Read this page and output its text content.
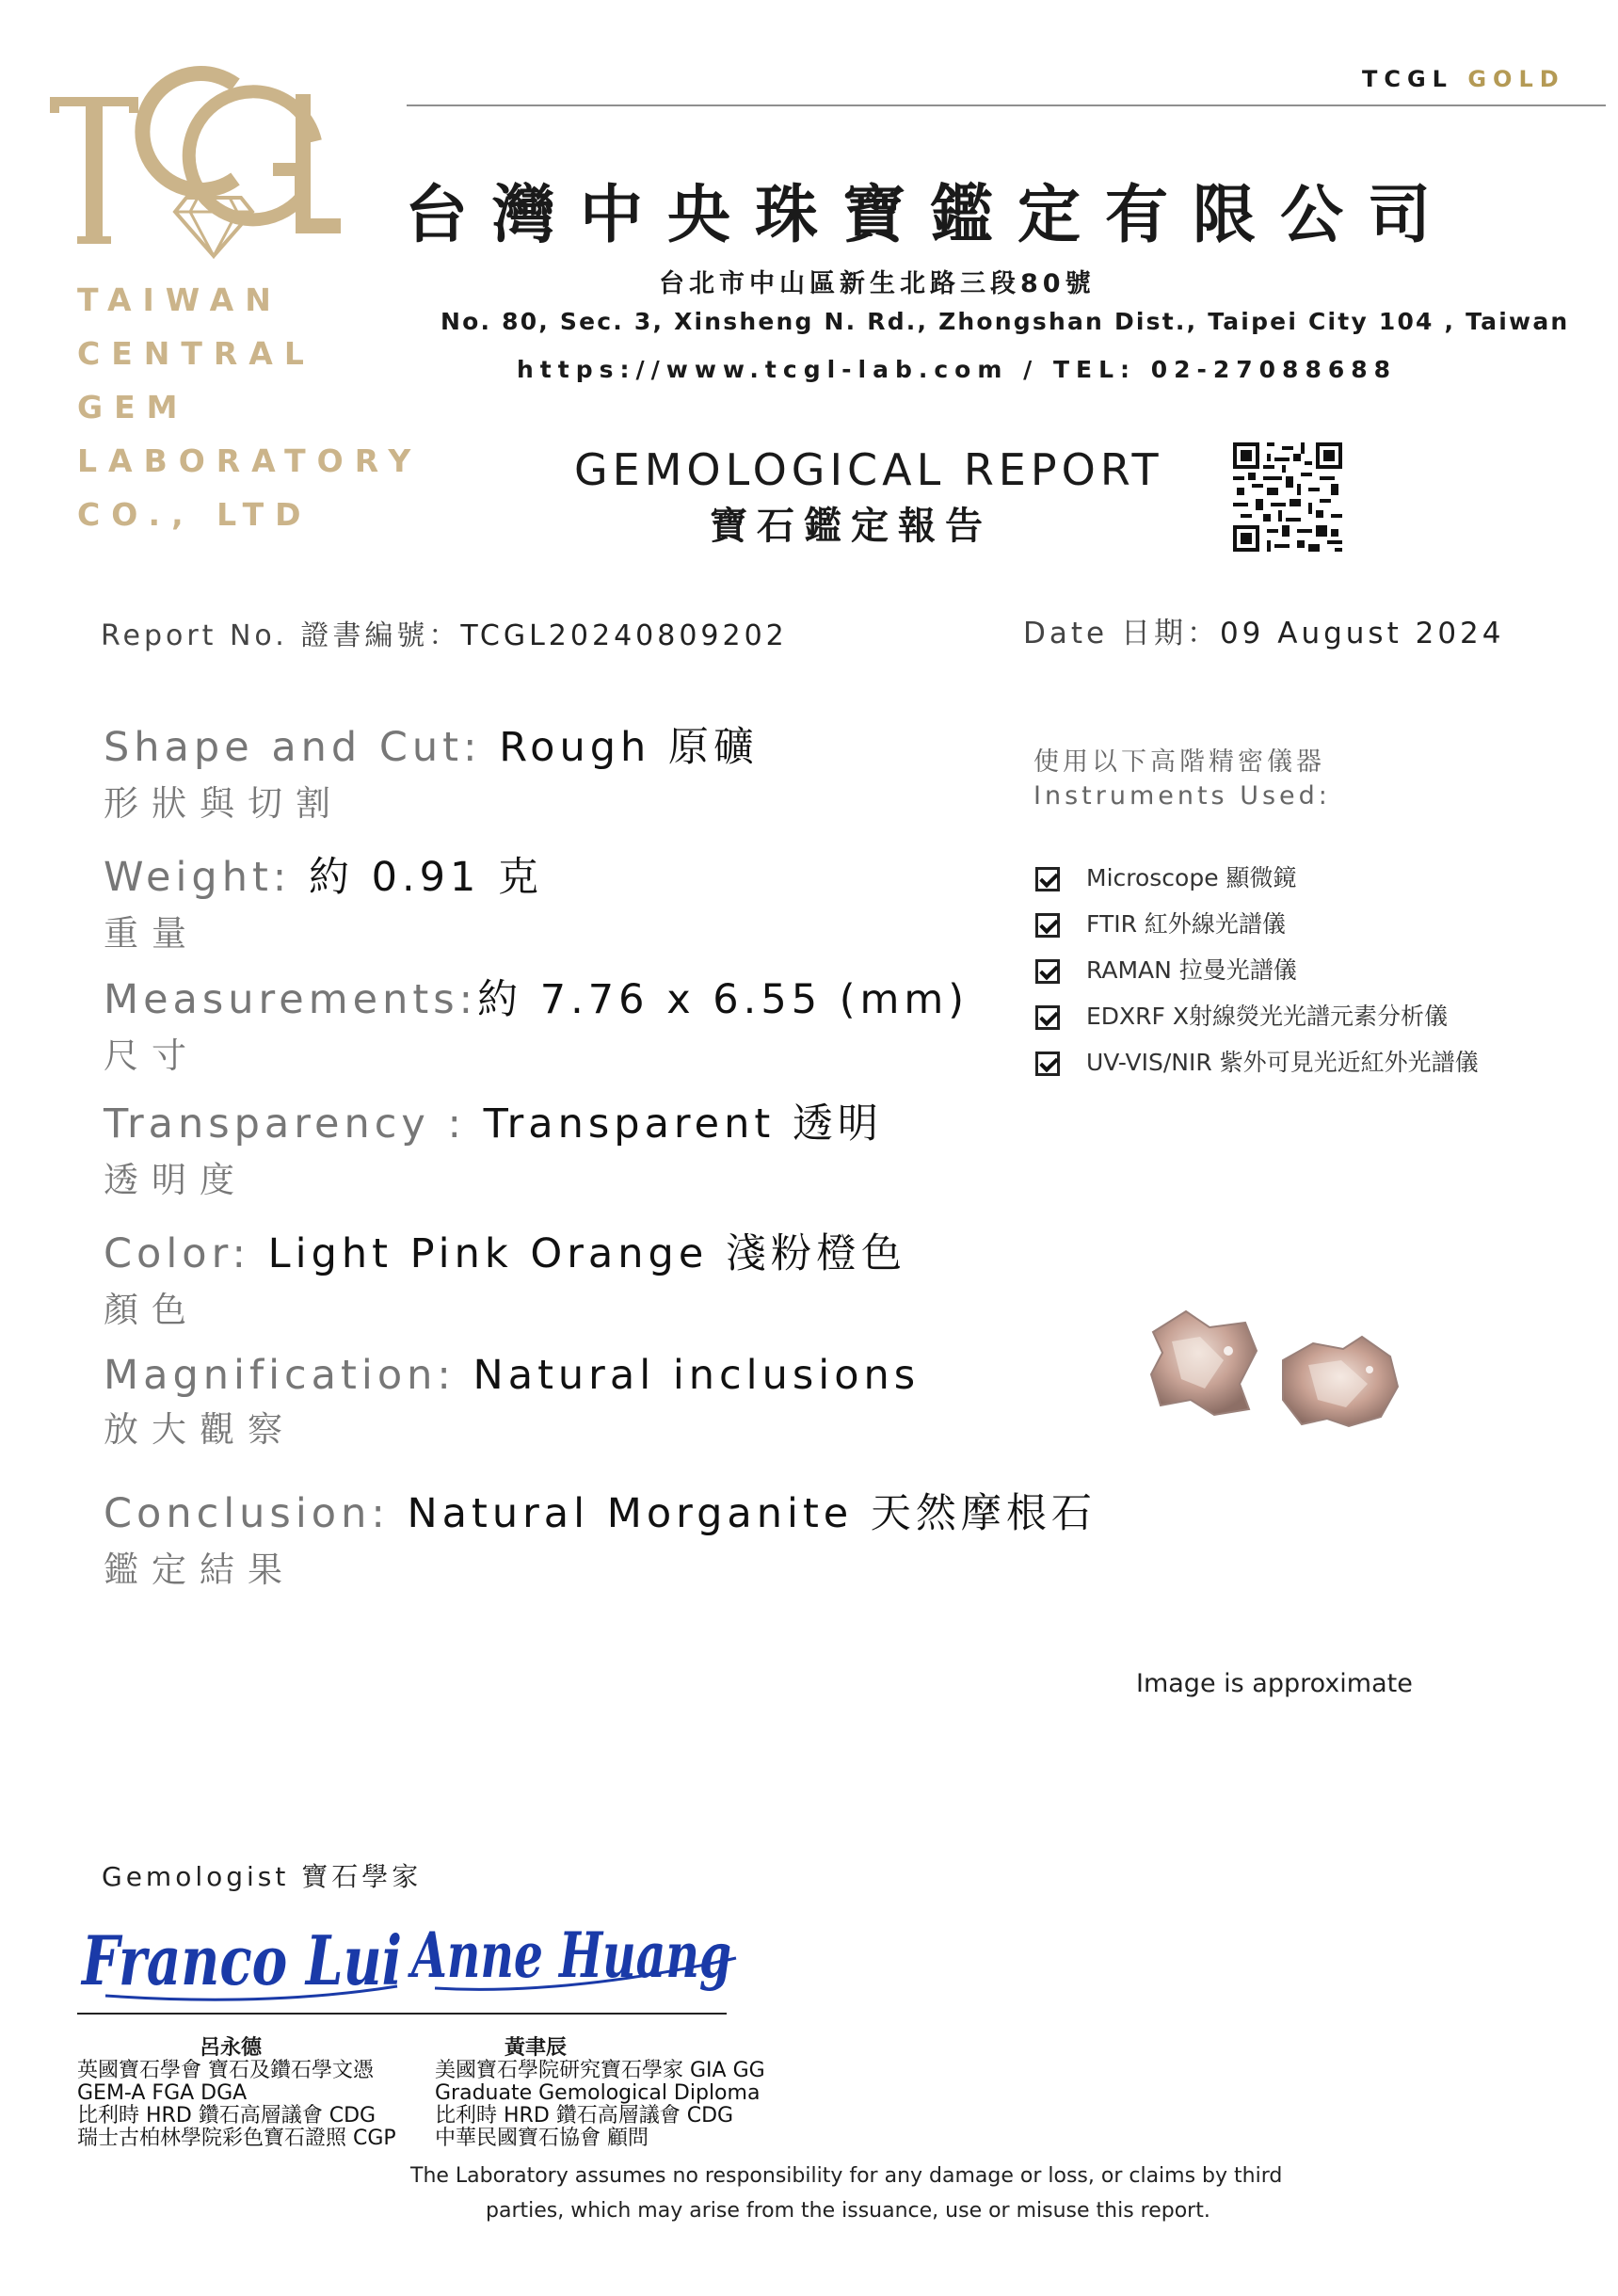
TCGL GOLD
TAIWAN
CENTRAL
GEM
LABORATORY
CO., LTD
台灣中央珠寶鑑定有限公司
台北市中山區新生北路三段80號
No. 80, Sec. 3, Xinsheng N. Rd., Zhongshan Dist., Taipei City 104 , Taiwan
https://www.tcgl-lab.com / TEL: 02-27088688
GEMOLOGICAL REPORT
寶石鑑定報告
Report No. 證書編號：TCGL20240809202	Date 日期：09 August 2024
Shape and Cut: Rough 原礦
形狀與切割
Weight: 約 0.91 克
重量
Measurements:約 7.76 x 6.55 (mm)
尺寸
Transparency : Transparent 透明
透明度
Color: Light Pink Orange 淺粉橙色
顏色
Magnification: Natural inclusions
放大觀察
Conclusion: Natural Morganite 天然摩根石
鑑定結果
使用以下高階精密儀器
Instruments Used:
Microscope 顯微鏡
FTIR 紅外線光譜儀
RAMAN 拉曼光譜儀
EDXRF X射線熒光光譜元素分析儀
UV-VIS/NIR 紫外可見光近紅外光譜儀
Image is approximate
Gemologist 寶石學家
Franco Lui Anne Huang
呂永德	黃聿辰
英國寶石學會 寶石及鑽石學文憑
GEM-A FGA DGA
比利時 HRD 鑽石高層議會 CDG
瑞士古柏林學院彩色寶石證照 CGP
美國寶石學院研究寶石學家 GIA GG
Graduate Gemological Diploma
比利時 HRD 鑽石高層議會 CDG
中華民國寶石協會 顧問
The Laboratory assumes no responsibility for any damage or loss, or claims by third
parties, which may arise from the issuance, use or misuse this report.
